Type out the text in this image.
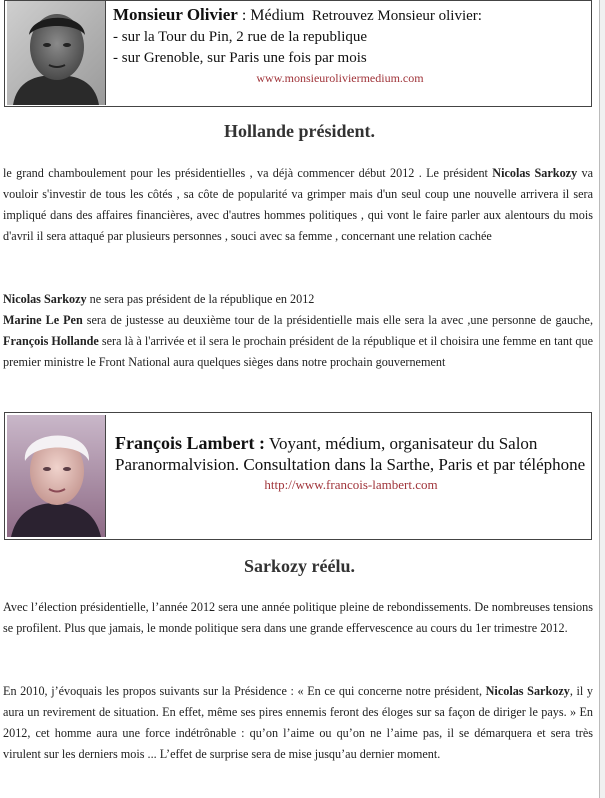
Monsieur Olivier : Médium Retrouvez Monsieur olivier:
- sur la Tour du Pin, 2 rue de la republique
- sur Grenoble, sur Paris une fois par mois
www.monsieuroliviermedium.com
Hollande président.
le grand chamboulement pour les présidentielles , va déjà commencer début 2012 . Le président Nicolas Sarkozy va vouloir s'investir de tous les côtés , sa côte de popularité va grimper mais d'un seul coup une nouvelle arrivera il sera impliqué dans des affaires financières, avec d'autres hommes politiques , qui vont le faire parler aux alentours du mois d'avril il sera attaqué par plusieurs personnes , souci avec sa femme , concernant une relation cachée
Nicolas Sarkozy ne sera pas président de la république en 2012
Marine Le Pen sera de justesse au deuxième tour de la présidentielle mais elle sera la avec ,une personne de gauche, François Hollande sera là à l'arrivée et il sera le prochain président de la république et il choisira une femme en tant que premier ministre le Front National aura quelques sièges dans notre prochain gouvernement
François Lambert : Voyant, médium, organisateur du Salon Paranormalvision. Consultation dans la Sarthe, Paris et par téléphone
http://www.francois-lambert.com
Sarkozy réélu.
Avec l’élection présidentielle, l’année 2012 sera une année politique pleine de rebondissements. De nombreuses tensions se profilent. Plus que jamais, le monde politique sera dans une grande effervescence au cours du 1er trimestre 2012.
En 2010, j’évoquais les propos suivants sur la Présidence : « En ce qui concerne notre président, Nicolas Sarkozy, il y aura un revirement de situation. En effet, même ses pires ennemis feront des éloges sur sa façon de diriger le pays. » En 2012, cet homme aura une force indétrônable : qu’on l’aime ou qu’on ne l’aime pas, il se démarquera et sera très virulent sur les derniers mois ... L’effet de surprise sera de mise jusqu’au dernier moment.
